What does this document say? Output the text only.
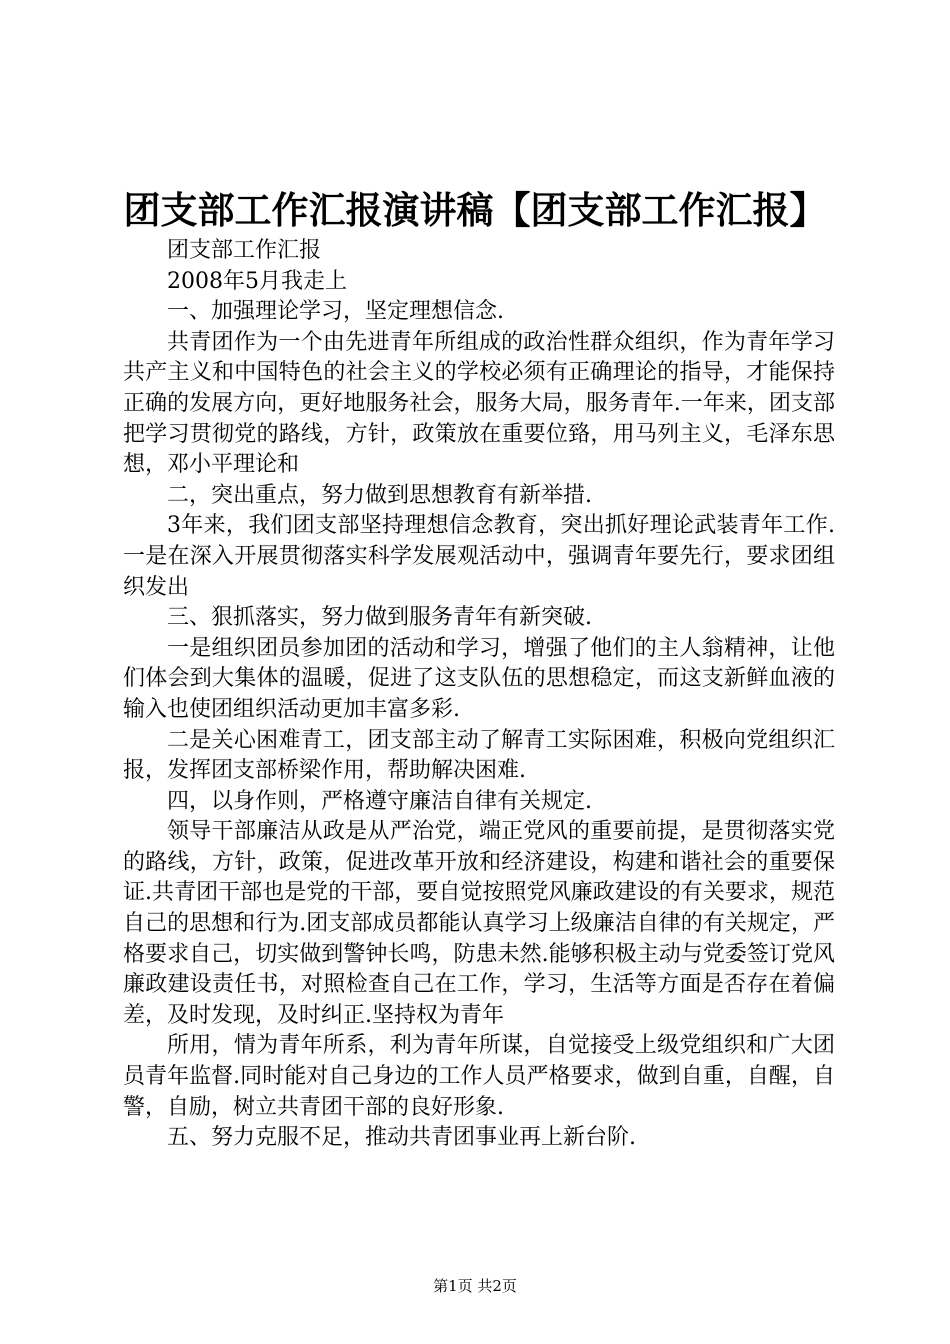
团支部工作汇报演讲稿【团支部工作汇报】

团支部工作汇报

2008年5月我走上

一、加强理论学习，坚定理想信念.

共青团作为一个由先进青年所组成的政治性群众组织，作为青年学习共产主义和中国特色的社会主义的学校必须有正确理论的指导，才能保持正确的发展方向，更好地服务社会，服务大局，服务青年.一年来，团支部把学习贯彻党的路线，方针，政策放在重要位臵，用马列主义，毛泽东思想，邓小平理论和

二，突出重点，努力做到思想教育有新举措.

3年来，我们团支部坚持理想信念教育，突出抓好理论武装青年工作.一是在深入开展贯彻落实科学发展观活动中，强调青年要先行，要求团组织发出

三、狠抓落实，努力做到服务青年有新突破.

一是组织团员参加团的活动和学习，增强了他们的主人翁精神，让他们体会到大集体的温暖，促进了这支队伍的思想稳定，而这支新鲜血液的输入也使团组织活动更加丰富多彩.

二是关心困难青工，团支部主动了解青工实际困难，积极向党组织汇报，发挥团支部桥梁作用，帮助解决困难.

四，以身作则，严格遵守廉洁自律有关规定.

领导干部廉洁从政是从严治党，端正党风的重要前提，是贯彻落实党的路线，方针，政策，促进改革开放和经济建设，构建和谐社会的重要保证.共青团干部也是党的干部，要自觉按照党风廉政建设的有关要求，规范自己的思想和行为.团支部成员都能认真学习上级廉洁自律的有关规定，严格要求自己，切实做到警钟长鸣，防患未然.能够积极主动与党委签订党风廉政建设责任书，对照检查自己在工作，学习，生活等方面是否存在着偏差，及时发现，及时纠正.坚持权为青年

所用，情为青年所系，利为青年所谋，自觉接受上级党组织和广大团员青年监督.同时能对自己身边的工作人员严格要求，做到自重，自醒，自警，自励，树立共青团干部的良好形象.

五、努力克服不足，推动共青团事业再上新台阶.

第1页 共2页
